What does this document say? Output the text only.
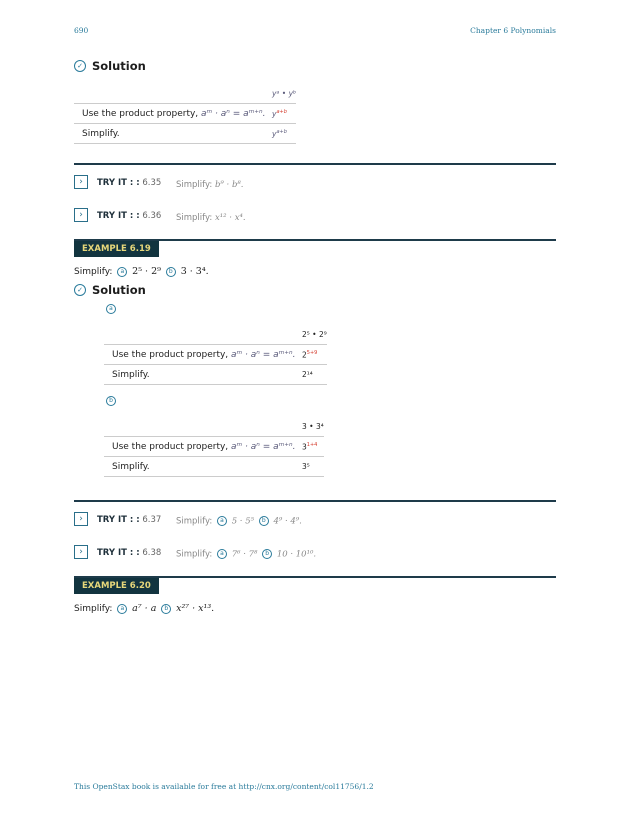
690	Chapter 6 Polynomials
✓ Solution
	yᵃ • yᵇ
Use the product property, aᵐ · aⁿ = aᵐ⁺ⁿ.	$y^{a+b}$
Simplify.	$y^{a+b}$
›	TRY IT : : 6.35 Simplify: b⁹ · b⁸.
›	TRY IT : : 6.36 Simplify: x¹² · x⁴.
EXAMPLE 6.19
Simplify: a 2⁵ · 2⁹ b 3 · 3⁴.
✓ Solution
a
	2⁵ • 2⁹
Use the product property, aᵐ · aⁿ = aᵐ⁺ⁿ.	$2^{5+9}$
Simplify.	2¹⁴
b
	3 • 3⁴
Use the product property, aᵐ · aⁿ = aᵐ⁺ⁿ.	$3^{1+4}$
Simplify.	3⁵
›	TRY IT : : 6.37 Simplify: a 5 · 5⁵ b 4⁹ · 4⁹.
›	TRY IT : : 6.38 Simplify: a 7⁶ · 7⁸ b 10 · 10¹⁰.
EXAMPLE 6.20
Simplify: a a⁷ · a b x²⁷ · x¹³.
This OpenStax book is available for free at http://cnx.org/content/col11756/1.2
